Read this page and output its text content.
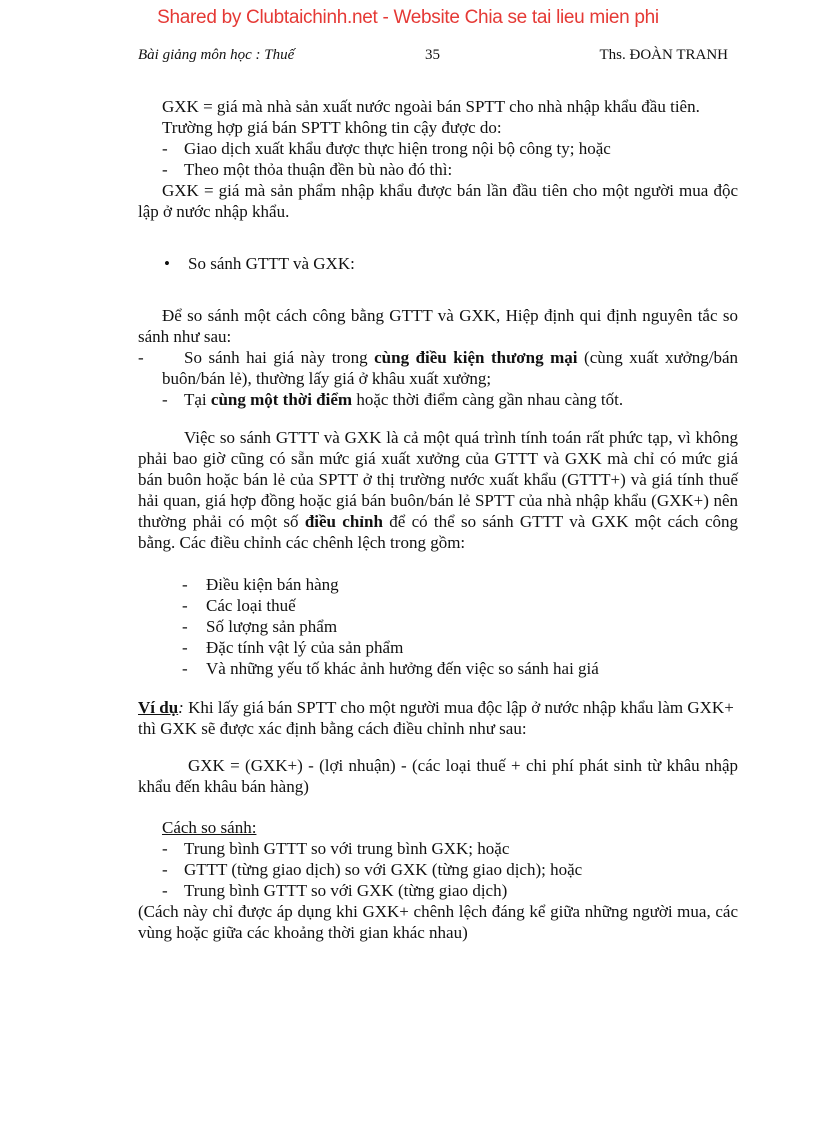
Shared by Clubtaichinh.net - Website Chia se tai lieu mien phi
Bài giảng môn học : Thuế	35	Ths. ĐOÀN TRANH

GXK = giá mà nhà sản xuất nước ngoài bán SPTT cho nhà nhập khẩu đầu tiên.

Trường hợp giá bán SPTT không tin cậy được do:

- Giao dịch xuất khẩu được thực hiện trong nội bộ công ty; hoặc

- Theo một thỏa thuận đền bù nào đó thì:

GXK = giá mà sản phẩm nhập khẩu được bán lần đầu tiên cho một người mua độc lập ở nước nhập khẩu.

• So sánh GTTT và GXK:

Để so sánh một cách công bằng GTTT và GXK, Hiệp định qui định nguyên tắc so sánh như sau:

- So sánh hai giá này trong cùng điều kiện thương mại (cùng xuất xưởng/bán buôn/bán lẻ), thường lấy giá ở khâu xuất xưởng;

- Tại cùng một thời điểm hoặc thời điểm càng gần nhau càng tốt.

Việc so sánh GTTT và GXK là cả một quá trình tính toán rất phức tạp, vì không phải bao giờ cũng có sẵn mức giá xuất xưởng của GTTT và GXK mà chỉ có mức giá bán buôn hoặc bán lẻ của SPTT ở thị trường nước xuất khẩu (GTTT+) và giá tính thuế hải quan, giá hợp đồng hoặc giá bán buôn/bán lẻ SPTT của nhà nhập khẩu (GXK+) nên thường phải có một số điều chỉnh để có thể so sánh GTTT và GXK một cách công bằng. Các điều chỉnh các chênh lệch trong gồm:

- Điều kiện bán hàng

- Các loại thuế

- Số lượng sản phẩm

- Đặc tính vật lý của sản phẩm

- Và những yếu tố khác ảnh hưởng đến việc so sánh hai giá

Ví dụ: Khi lấy giá bán SPTT cho một người mua độc lập ở nước nhập khẩu làm GXK+ thì GXK sẽ được xác định bằng cách điều chỉnh như sau:

GXK = (GXK+) - (lợi nhuận) - (các loại thuế + chi phí phát sinh từ khâu nhập khẩu đến khâu bán hàng)

Cách so sánh:

- Trung bình GTTT so với trung bình GXK; hoặc

- GTTT (từng giao dịch) so với GXK (từng giao dịch); hoặc

- Trung bình GTTT so với GXK (từng giao dịch)

(Cách này chỉ được áp dụng khi GXK+ chênh lệch đáng kể giữa những người mua, các vùng hoặc giữa các khoảng thời gian khác nhau)
